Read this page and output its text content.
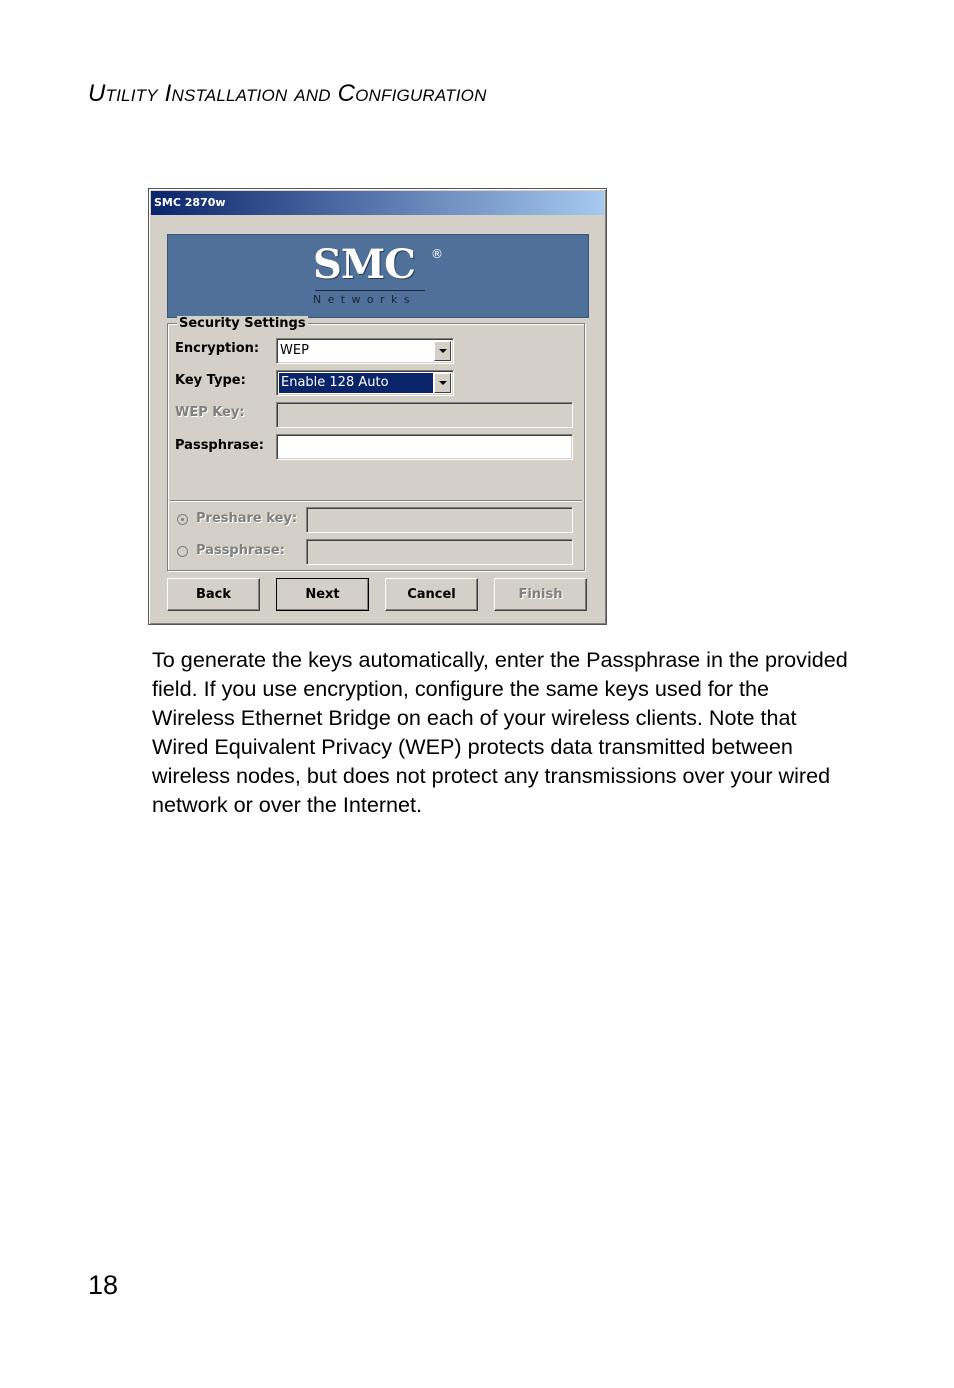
Utility Installation and Configuration
SMC 2870w
SMC ®
Networks
Security Settings
Encryption: WEP
Key Type:	Enable 128 Auto
WEP Key:
Passphrase:
Preshare key:
Passphrase:
Back	Next	Cancel	Finish

To generate the keys automatically, enter the Passphrase in the provided field. If you use encryption, configure the same keys used for the Wireless Ethernet Bridge on each of your wireless clients. Note that Wired Equivalent Privacy (WEP) protects data transmitted between wireless nodes, but does not protect any transmissions over your wired network or over the Internet.

18
